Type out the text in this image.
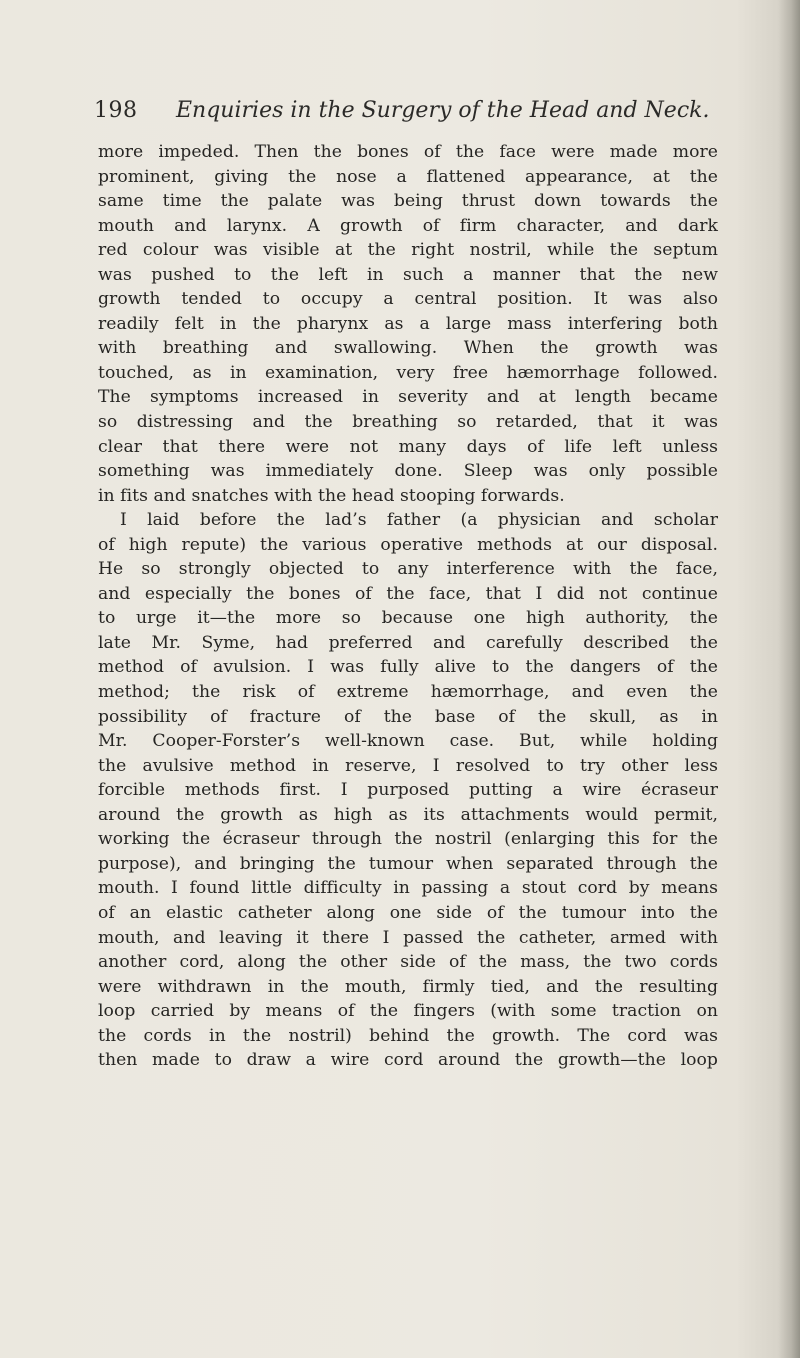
198 Enquiries in the Surgery of the Head and Neck.
more impeded. Then the bones of the face were made more
prominent, giving the nose a flattened appearance, at the
same time the palate was being thrust down towards the
mouth and larynx. A growth of firm character, and dark
red colour was visible at the right nostril, while the septum
was pushed to the left in such a manner that the new
growth tended to occupy a central position. It was also
readily felt in the pharynx as a large mass interfering both
with breathing and swallowing. When the growth was
touched, as in examination, very free hæmorrhage followed.
The symptoms increased in severity and at length became
so distressing and the breathing so retarded, that it was
clear that there were not many days of life left unless
something was immediately done. Sleep was only possible
in fits and snatches with the head stooping forwards.
I laid before the lad’s father (a physician and scholar
of high repute) the various operative methods at our disposal.
He so strongly objected to any interference with the face,
and especially the bones of the face, that I did not continue
to urge it—the more so because one high authority, the
late Mr. Syme, had preferred and carefully described the
method of avulsion. I was fully alive to the dangers of the
method; the risk of extreme hæmorrhage, and even the
possibility of fracture of the base of the skull, as in
Mr. Cooper-Forster’s well-known case. But, while holding
the avulsive method in reserve, I resolved to try other less
forcible methods first. I purposed putting a wire écraseur
around the growth as high as its attachments would permit,
working the écraseur through the nostril (enlarging this for the
purpose), and bringing the tumour when separated through the
mouth. I found little difficulty in passing a stout cord by means
of an elastic catheter along one side of the tumour into the
mouth, and leaving it there I passed the catheter, armed with
another cord, along the other side of the mass, the two cords
were withdrawn in the mouth, firmly tied, and the resulting
loop carried by means of the fingers (with some traction on
the cords in the nostril) behind the growth. The cord was
then made to draw a wire cord around the growth—the loop
